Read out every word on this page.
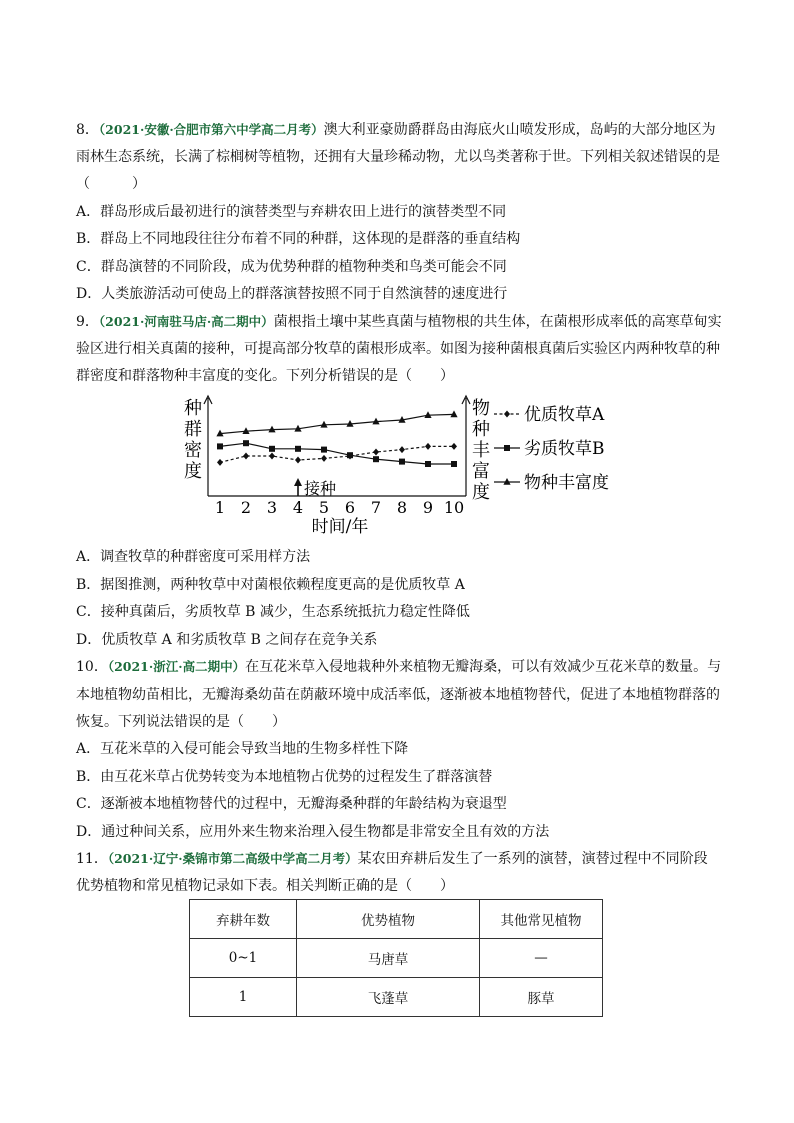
8．（2021·安徽·合肥市第六中学高二月考）澳大利亚豪勋爵群岛由海底火山喷发形成，岛屿的大部分地区为
雨林生态系统，长满了棕榈树等植物，还拥有大量珍稀动物，尤以鸟类著称于世。下列相关叙述错误的是
（	）
A．群岛形成后最初进行的演替类型与弃耕农田上进行的演替类型不同
B．群岛上不同地段往往分布着不同的种群，这体现的是群落的垂直结构
C．群岛演替的不同阶段，成为优势种群的植物种类和鸟类可能会不同
D．人类旅游活动可使岛上的群落演替按照不同于自然演替的速度进行
9．（2021·河南驻马店·高二期中）菌根指土壤中某些真菌与植物根的共生体，在菌根形成率低的高寒草甸实
验区进行相关真菌的接种，可提高部分牧草的菌根形成率。如图为接种菌根真菌后实验区内两种牧草的种
群密度和群落物种丰富度的变化。下列分析错误的是（　　）
种
群
密
度
物
种
丰
富
度
优质牧草A
劣质牧草B
物种丰富度
1 2 3 4 5 6 7 8 9 10
时间/年
接种
A．调查牧草的种群密度可采用样方法
B．据图推测，两种牧草中对菌根依赖程度更高的是优质牧草 A
C．接种真菌后，劣质牧草 B 减少，生态系统抵抗力稳定性降低
D．优质牧草 A 和劣质牧草 B 之间存在竞争关系
10．（2021·浙江·高二期中）在互花米草入侵地栽种外来植物无瓣海桑，可以有效减少互花米草的数量。与
本地植物幼苗相比，无瓣海桑幼苗在荫蔽环境中成活率低，逐渐被本地植物替代，促进了本地植物群落的
恢复。下列说法错误的是（　　）
A．互花米草的入侵可能会导致当地的生物多样性下降
B．由互花米草占优势转变为本地植物占优势的过程发生了群落演替
C．逐渐被本地植物替代的过程中，无瓣海桑种群的年龄结构为衰退型
D．通过种间关系，应用外来生物来治理入侵生物都是非常安全且有效的方法
11．（2021·辽宁·桑锦市第二高级中学高二月考）某农田弃耕后发生了一系列的演替，演替过程中不同阶段
优势植物和常见植物记录如下表。相关判断正确的是（　　）
弃耕年数	优势植物	其他常见植物
0~1	马唐草	—
1	飞蓬草	豚草
